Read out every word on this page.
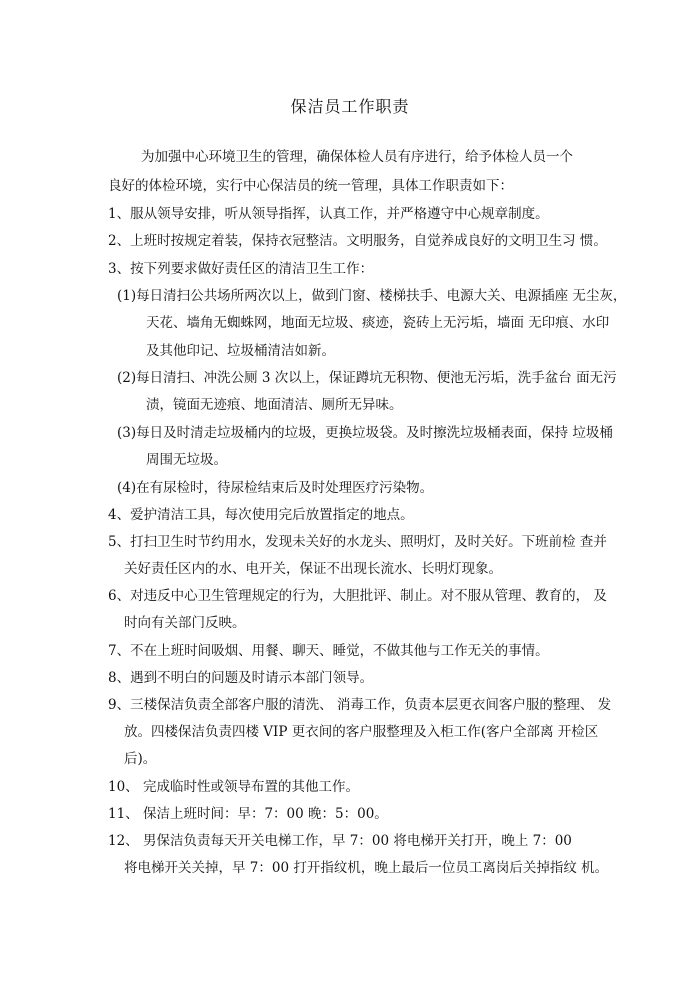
保洁员工作职责
为加强中心环境卫生的管理，确保体检人员有序进行，给予体检人员一个
良好的体检环境，实行中心保洁员的统一管理，具体工作职责如下：
1、服从领导安排，听从领导指挥，认真工作，并严格遵守中心规章制度。
2、上班时按规定着装，保持衣冠整洁。文明服务，自觉养成良好的文明卫生习 惯。
3、按下列要求做好责任区的清洁卫生工作：
(1)每日清扫公共场所两次以上，做到门窗、楼梯扶手、电源大关、电源插座 无尘灰，
天花、墙角无蜘蛛网，地面无垃圾、痰迹，瓷砖上无污垢，墙面 无印痕、水印
及其他印记、垃圾桶清洁如新。
(2)每日清扫、冲洗公厕 3 次以上，保证蹲坑无积物、便池无污垢，洗手盆台 面无污
渍，镜面无迹痕、地面清洁、厕所无异味。
(3)每日及时清走垃圾桶内的垃圾，更换垃圾袋。及时擦洗垃圾桶表面，保持 垃圾桶
周围无垃圾。
(4)在有尿检时，待尿检结束后及时处理医疗污染物。
4、爱护清洁工具，每次使用完后放置指定的地点。
5、打扫卫生时节约用水，发现未关好的水龙头、照明灯，及时关好。下班前检 查并
关好责任区内的水、电开关，保证不出现长流水、长明灯现象。
6、对违反中心卫生管理规定的行为，大胆批评、制止。对不服从管理、教育的， 及
时向有关部门反映。
7、不在上班时间吸烟、用餐、聊天、睡觉，不做其他与工作无关的事情。
8、遇到不明白的问题及时请示本部门领导。
9、三楼保洁负责全部客户服的清洗、 消毒工作，负责本层更衣间客户服的整理、 发
放。四楼保洁负责四楼 VIP 更衣间的客户服整理及入柜工作(客户全部离 开检区
后)。
10、 完成临时性或领导布置的其他工作。
11、 保洁上班时间：早：7：00 晚：5：00。
12、 男保洁负责每天开关电梯工作，早 7：00 将电梯开关打开，晚上 7：00
将电梯开关关掉，早 7：00 打开指纹机，晚上最后一位员工离岗后关掉指纹 机。
